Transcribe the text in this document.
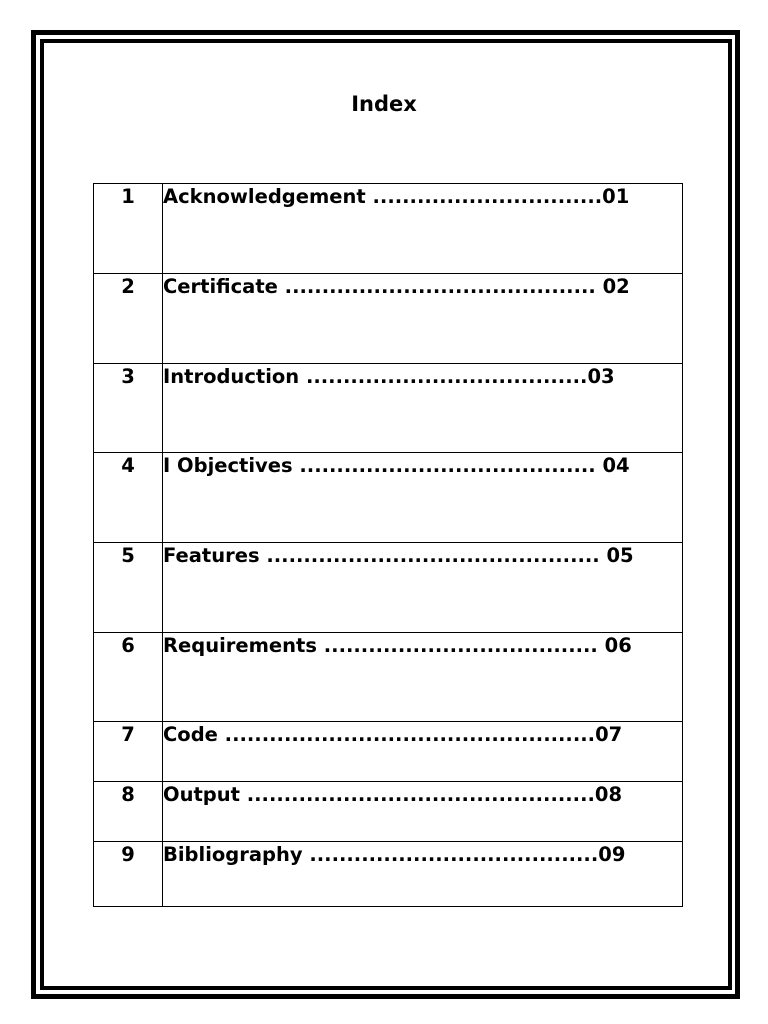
Index
1	Acknowledgement ...............................01
2	Certificate .......................................... 02
3	Introduction ......................................03
4	I Objectives ........................................ 04
5	Features ............................................. 05
6	Requirements ..................................... 06
7	Code ..................................................07
8	Output ...............................................08
9	Bibliography .......................................09
